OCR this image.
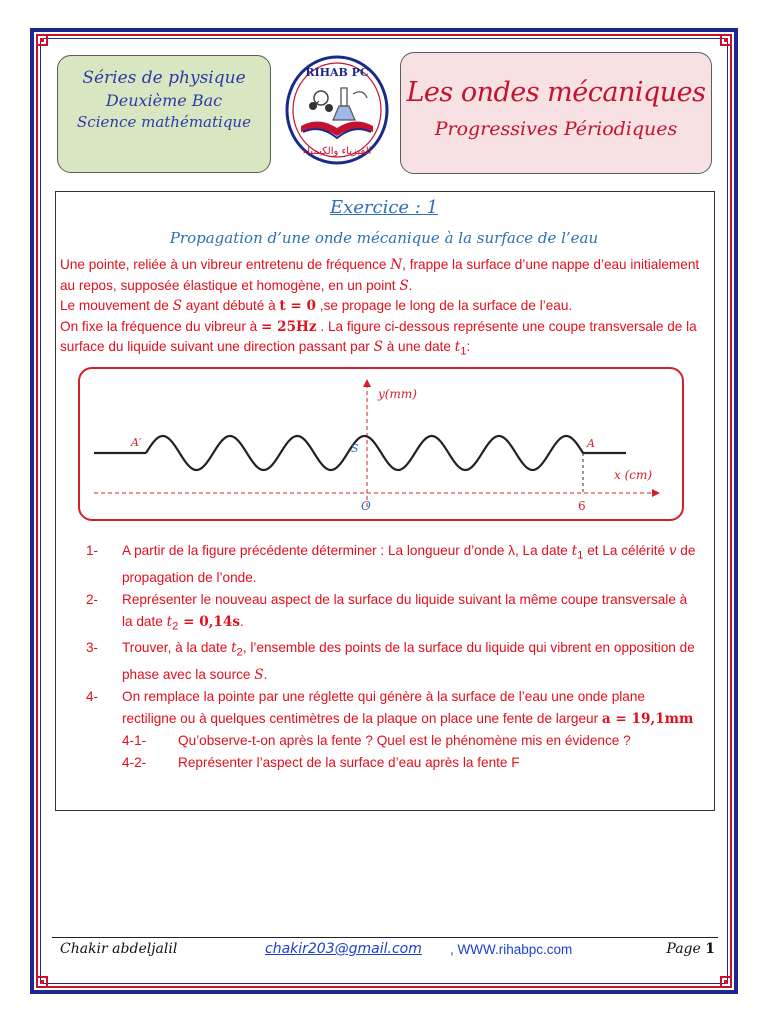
Séries de physique
Deuxième Bac
Science mathématique
RIHAB PC
الفيزياء والكيمياء
Les ondes mécaniques
Progressives Périodiques
Exercice : 1
Propagation d’une onde mécanique à la surface de l’eau

Une pointe, reliée à un vibreur entretenu de fréquence N, frappe la surface d’une nappe d’eau initialement au repos, supposée élastique et homogène, en un point S.

Le mouvement de S ayant débuté à t = 0 ,se propage le long de la surface de l’eau.

On fixe la fréquence du vibreur à = 25Hz . La figure ci-dessous représente une coupe transversale de la surface du liquide suivant une direction passant par S à une date $t_1$:

y(mm)
x (cm)
A′	S	A
O	6
1-	A partir de la figure précédente déterminer : La longueur d’onde λ, La date $t_1$ et La célérité v de propagation de l’onde.
2-	Représenter le nouveau aspect de la surface du liquide suivant la même coupe transversale à la date $t_2 = 0,14s$.
3-	Trouver, à la date $t_2$, l’ensemble des points de la surface du liquide qui vibrent en opposition de phase avec la source S.
4-	On remplace la pointe par une réglette qui génère à la surface de l’eau une onde plane rectiligne ou à quelques centimètres de la plaque on place une fente de largeur a = 19,1mm
4-1-	Qu’observe-t-on après la fente ? Quel est le phénomène mis en évidence ?
4-2-	Représenter l’aspect de la surface d’eau après la fente F
Chakir abdeljalil	chakir203@gmail.com , WWW.rihabpc.com	Page 1
